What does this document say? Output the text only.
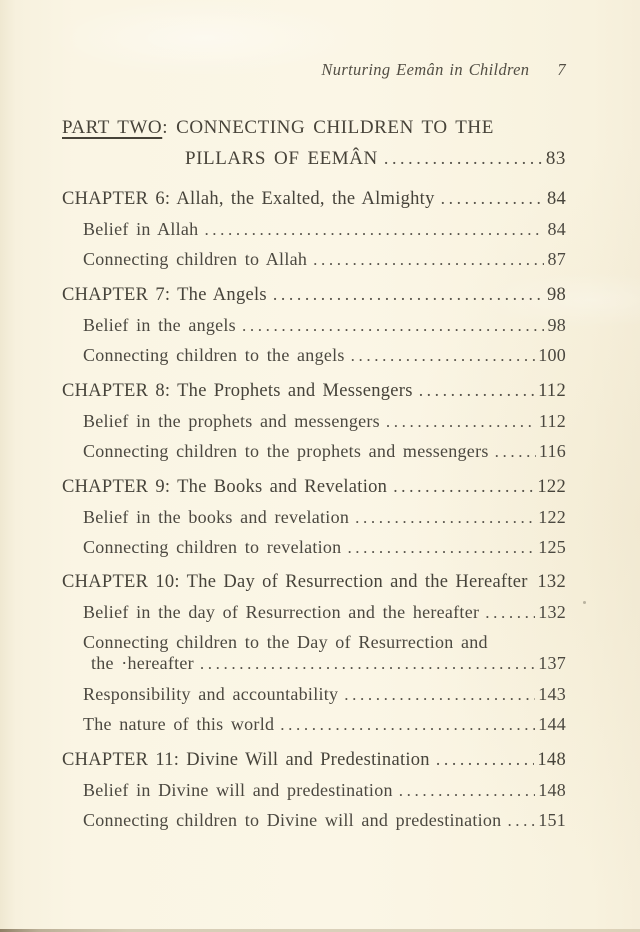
Nurturing Eemân in Children 7
PART TWO: CONNECTING CHILDREN TO THE
PILLARS OF EEMÂN .....	83
CHAPTER 6: Allah, the Exalted, the Almighty .....	84
Belief in Allah .....	84
Connecting children to Allah .....	87
CHAPTER 7: The Angels .....	98
Belief in the angels .....	98
Connecting children to the angels .....	100
CHAPTER 8: The Prophets and Messengers .....	112
Belief in the prophets and messengers .....	112
Connecting children to the prophets and messengers .....	116
CHAPTER 9: The Books and Revelation .....	122
Belief in the books and revelation .....	122
Connecting children to revelation .....	125
CHAPTER 10: The Day of Resurrection and the Hereafter 132
Belief in the day of Resurrection and the hereafter .....	132
Connecting children to the Day of Resurrection and
the ·hereafter .....	137
Responsibility and accountability .....	143
The nature of this world .....	144
CHAPTER 11: Divine Will and Predestination .....	148
Belief in Divine will and predestination .....	148
Connecting children to Divine will and predestination ..... 151
